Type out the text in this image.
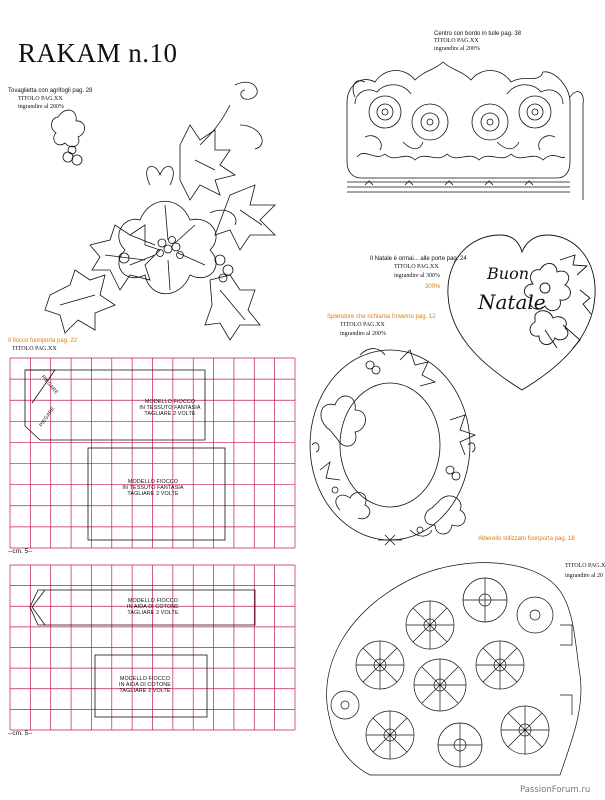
RAKAM n.10
Tovaglietta con agrifogli pag. 28
TITOLO PAG.XX
ingrandire al 200%
Centro con bordo in tulle pag. 38
TITOLO PAG.XX
ingrandire al 200%
Il Natale è ormai... alle porte pag. 24
TITOLO PAG.XX
ingrandire al 300%
300%
Il fiocco fuoriporta pag. 22
TITOLO PAG.XX
Splendore che richiama l'inverno pag. 12
TITOLO PAG.XX
ingrandire al 200%
Alberello stilizzato fuoriporta pag. 18
TITOLO PAG.X
ingrandire al 20
Buon
Natale
PIEGARE
PIEGARE
MODELLO FIOCCO
IN TESSUTO FANTASIA
TAGLIARE 2 VOLTE
MODELLO FIOCCO
IN TESSUTO FANTASIA
TAGLIARE 2 VOLTE
--cm. 5--
MODELLO FIOCCO
IN AIDA DI COTONE
TAGLIARE 2 VOLTE
MODELLO FIOCCO
IN AIDA DI COTONE
TAGLIARE 2 VOLTE
--cm. 5--
PassionForum.ru
